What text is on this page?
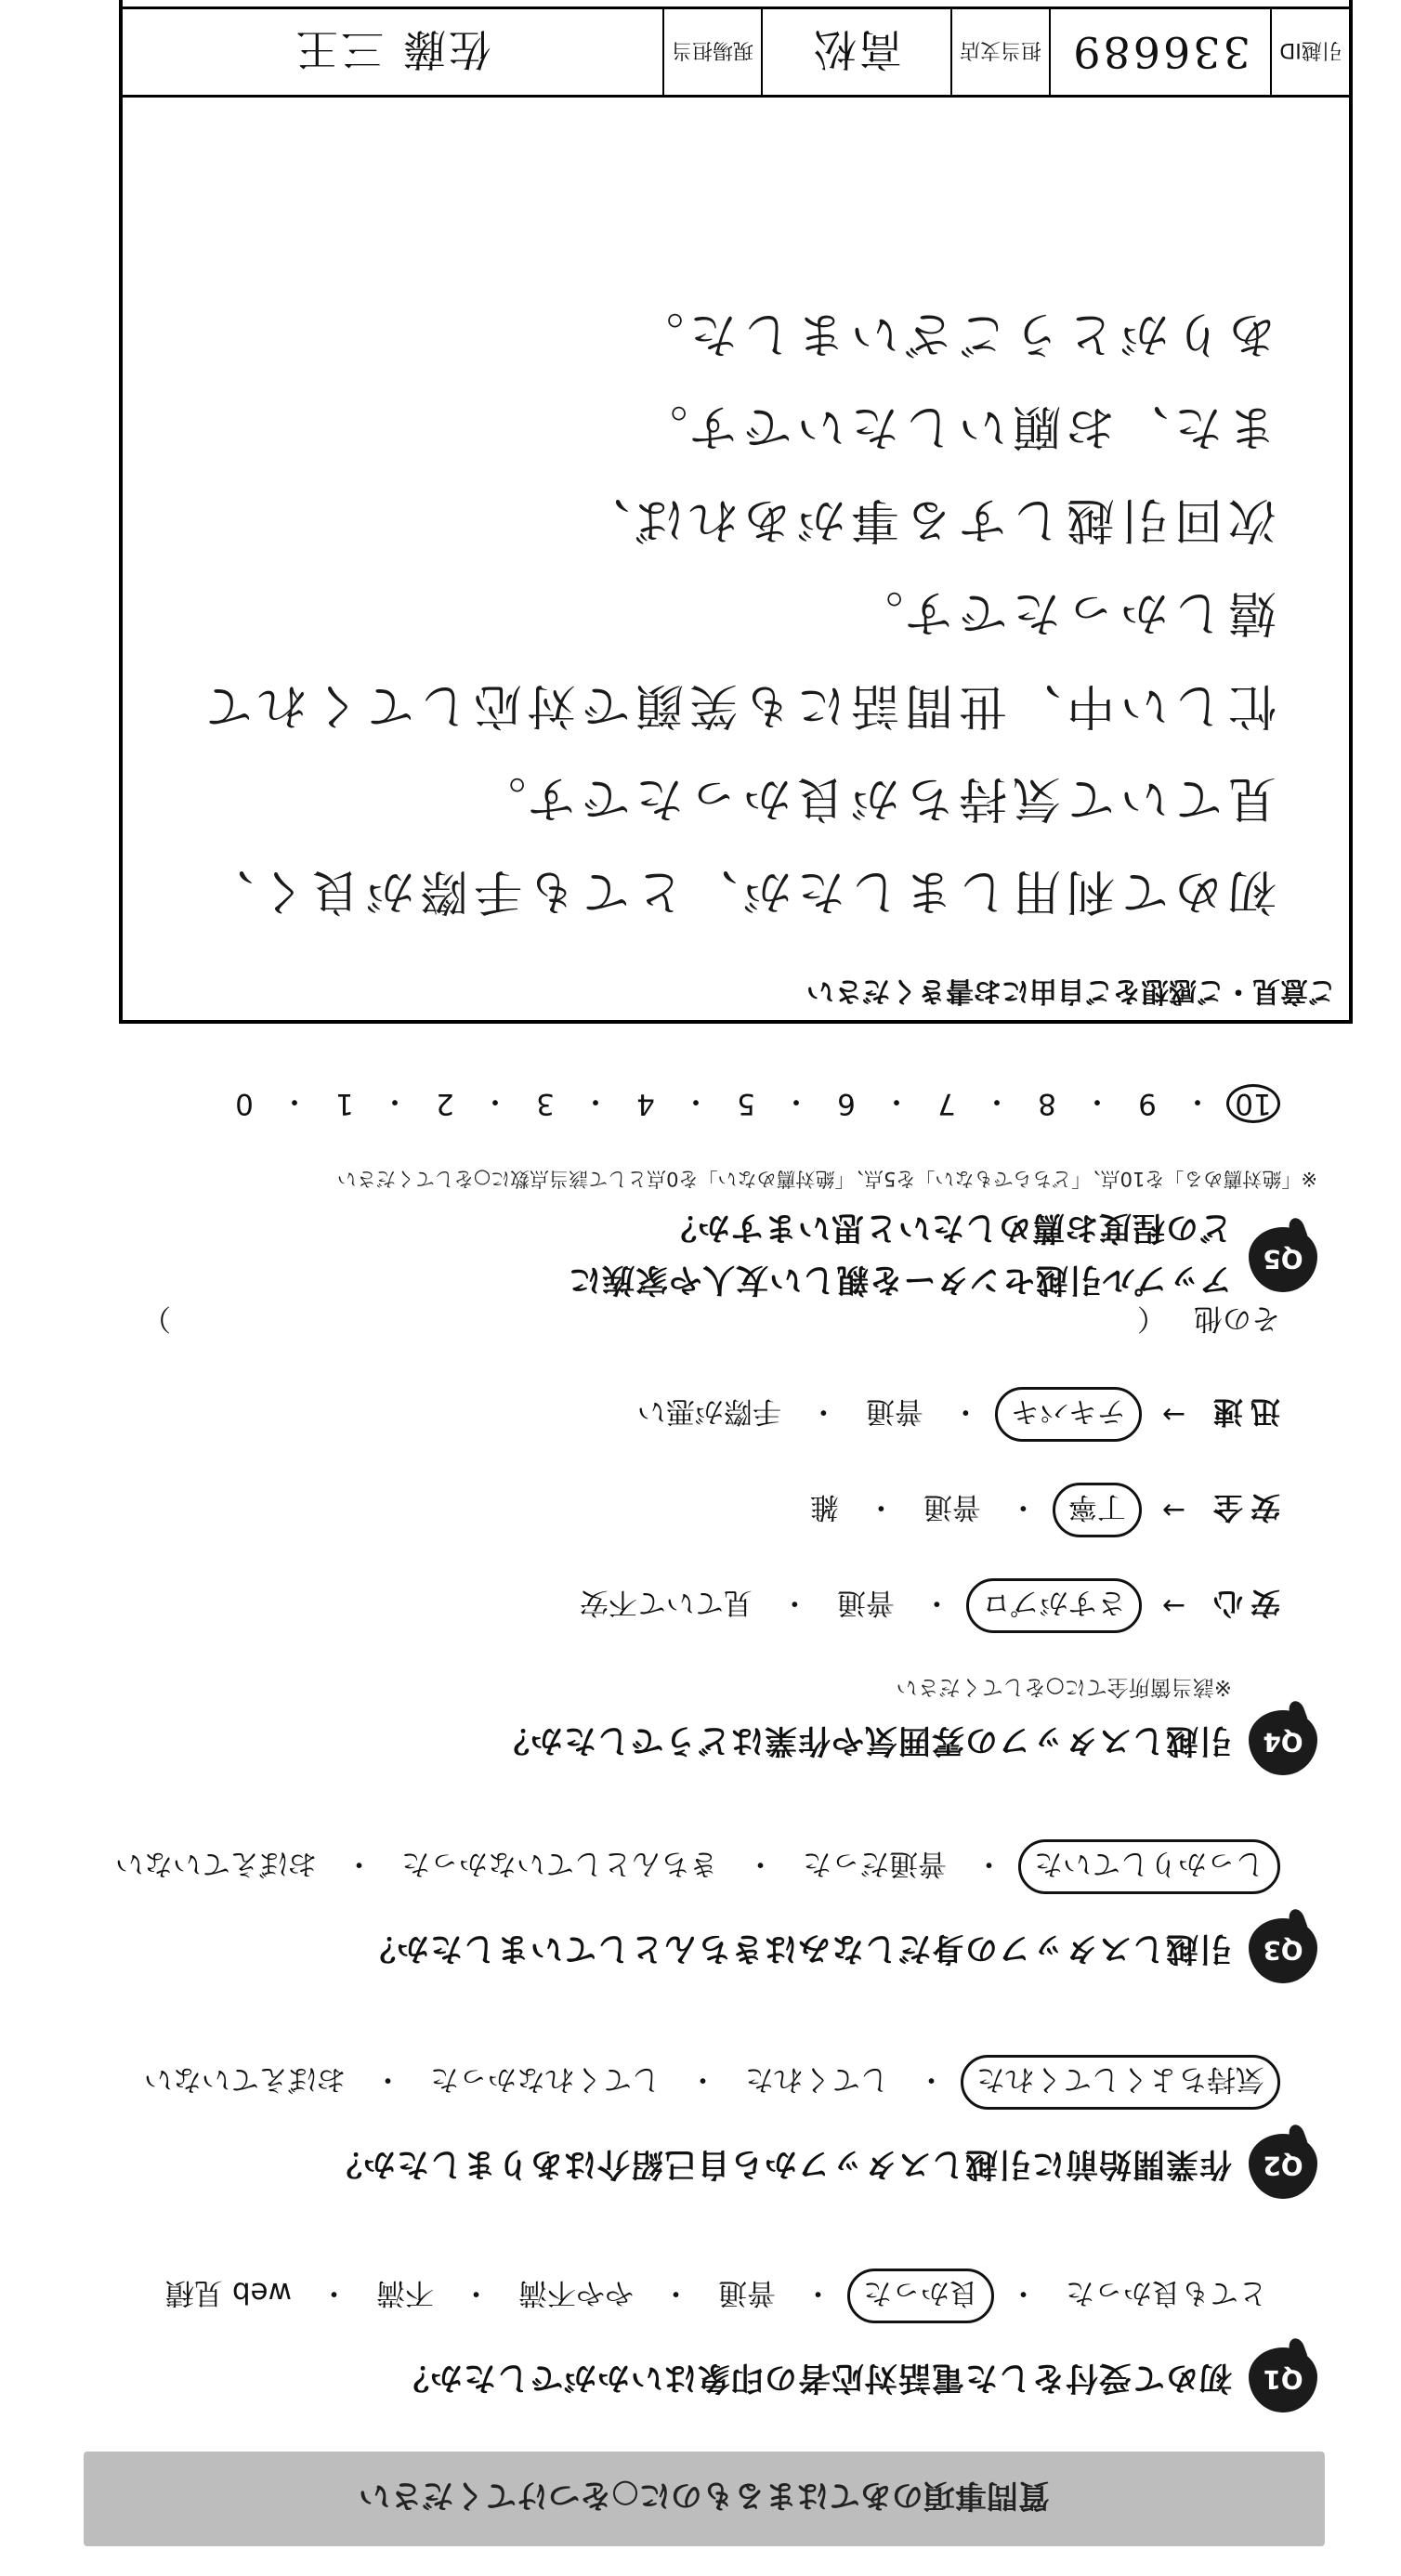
質問事項のあてはまるものに○をつけてください
Q1
初めて受付をした電話対応者の印象はいかがでしたか？
とても良かった
・
良かった
・
普通
・
やや不満
・
不満
・
web 見積
Q2
作業開始前に引越しスタッフから自己紹介はありましたか？
気持ちよくしてくれた
・
してくれた
・
してくれなかった
・
おぼえていない
Q3
引越しスタッフの身だしなみはきちんとしていましたか？
しっかりしていた
・
普通だった
・
きちんとしていなかった
・
おぼえていない
Q4
引越しスタッフの雰囲気や作業はどうでしたか？
※該当箇所全てに○をしてください
安心
→
さすがプロ
・
普通
・
見ていて不安
安全
→
丁寧
・
普通
・
雑
迅速
→
テキパキ
・
普通
・
手際が悪い
その他
（
）
Q5
アップル引越センターを親しい友人や家族に
どの程度お薦めしたいと思いますか？
※「絶対薦める」を10点、「どちらでもない」を5点、「絶対薦めない」を0点として該当点数に○をしてください
10
・
9
・
8
・
7
・
6
・
5
・
4
・
3
・
2
・
1
・
0
ご意見・ご感想をご自由にお書きください
初めて利用しましたが、とても手際が良く、
見ていて気持ちが良かったです。
忙しい中、世間話にも笑顔で対応してくれて
嬉しかったです。
次回引越しする事があれば、
また、お願いしたいです。
ありがとうございました。
引越ID
336689
担当支店
高松
現場担当
佐藤 三王
